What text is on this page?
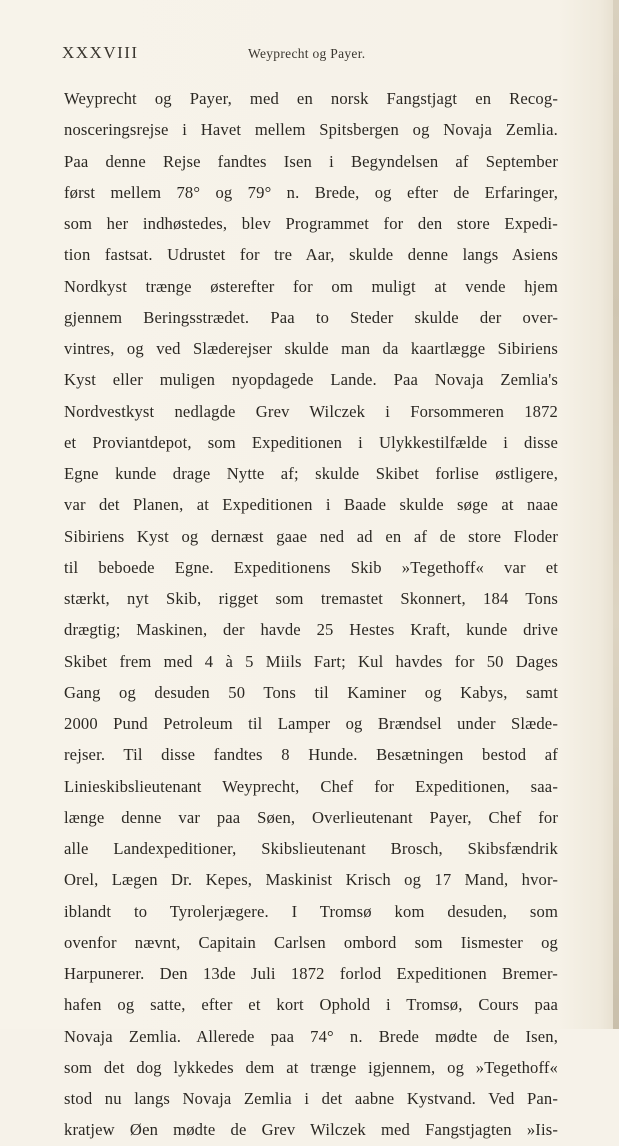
XXXVIII	Weyprecht og Payer.
Weyprecht og Payer, med en norsk Fangstjagt en Recog-
nosceringsrejse i Havet mellem Spitsbergen og Novaja Zemlia.
Paa denne Rejse fandtes Isen i Begyndelsen af September
først mellem 78° og 79° n. Brede, og efter de Erfaringer,
som her indhøstedes, blev Programmet for den store Expedi-
tion fastsat. Udrustet for tre Aar, skulde denne langs Asiens
Nordkyst trænge østerefter for om muligt at vende hjem
gjennem Beringsstrædet. Paa to Steder skulde der over-
vintres, og ved Slæderejser skulde man da kaartlægge Sibiriens
Kyst eller muligen nyopdagede Lande. Paa Novaja Zemlia's
Nordvestkyst nedlagde Grev Wilczek i Forsommeren 1872
et Proviantdepot, som Expeditionen i Ulykkestilfælde i disse
Egne kunde drage Nytte af; skulde Skibet forlise østligere,
var det Planen, at Expeditionen i Baade skulde søge at naae
Sibiriens Kyst og dernæst gaae ned ad en af de store Floder
til beboede Egne. Expeditionens Skib »Tegethoff« var et
stærkt, nyt Skib, rigget som tremastet Skonnert, 184 Tons
drægtig; Maskinen, der havde 25 Hestes Kraft, kunde drive
Skibet frem med 4 à 5 Miils Fart; Kul havdes for 50 Dages
Gang og desuden 50 Tons til Kaminer og Kabys, samt
2000 Pund Petroleum til Lamper og Brændsel under Slæde-
rejser. Til disse fandtes 8 Hunde. Besætningen bestod af
Linieskibslieutenant Weyprecht, Chef for Expeditionen, saa-
længe denne var paa Søen, Overlieutenant Payer, Chef for
alle Landexpeditioner, Skibslieutenant Brosch, Skibsfændrik
Orel, Lægen Dr. Kepes, Maskinist Krisch og 17 Mand, hvor-
iblandt to Tyrolerjægere. I Tromsø kom desuden, som
ovenfor nævnt, Capitain Carlsen ombord som Iismester og
Harpunerer. Den 13de Juli 1872 forlod Expeditionen Bremer-
hafen og satte, efter et kort Ophold i Tromsø, Cours paa
Novaja Zemlia. Allerede paa 74° n. Brede mødte de Isen,
som det dog lykkedes dem at trænge igjennem, og »Tegethoff«
stod nu langs Novaja Zemlia i det aabne Kystvand. Ved Pan-
kratjew Øen mødte de Grev Wilczek med Fangstjagten »Iis-
